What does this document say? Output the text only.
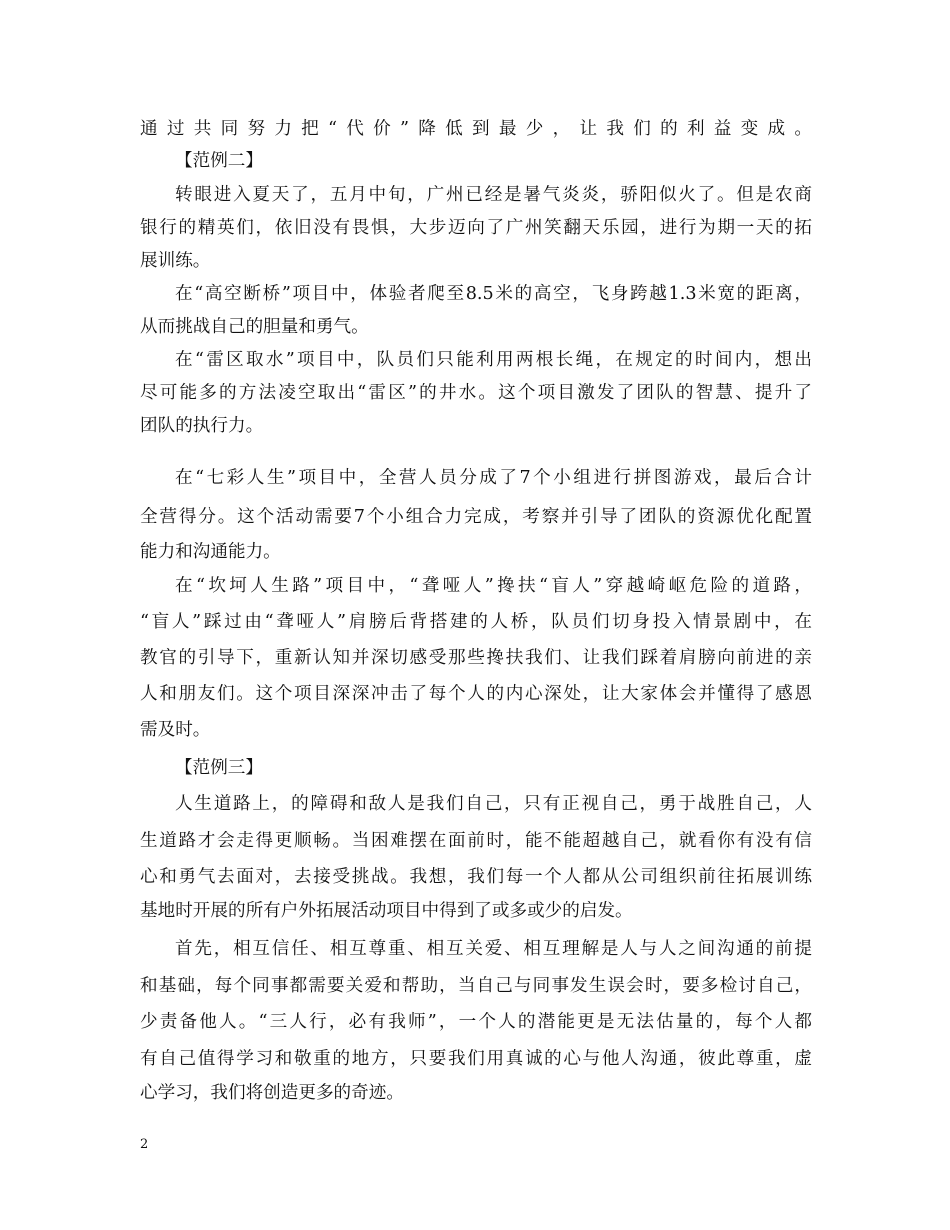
通过共同努力把“代价”降低到最少，让我们的利益变成。
【范例二】
转眼进入夏天了，五月中旬，广州已经是暑气炎炎，骄阳似火了。但是农商
银行的精英们，依旧没有畏惧，大步迈向了广州笑翻天乐园，进行为期一天的拓
展训练。
在“高空断桥”项目中，体验者爬至8.5米的高空，飞身跨越1.3米宽的距离，
从而挑战自己的胆量和勇气。
在“雷区取水”项目中，队员们只能利用两根长绳，在规定的时间内，想出
尽可能多的方法凌空取出“雷区”的井水。这个项目激发了团队的智慧、提升了
团队的执行力。
在“七彩人生”项目中，全营人员分成了7个小组进行拼图游戏，最后合计
全营得分。这个活动需要7个小组合力完成，考察并引导了团队的资源优化配置
能力和沟通能力。
在“坎坷人生路”项目中，“聋哑人”搀扶“盲人”穿越崎岖危险的道路，
“盲人”踩过由“聋哑人”肩膀后背搭建的人桥，队员们切身投入情景剧中，在
教官的引导下，重新认知并深切感受那些搀扶我们、让我们踩着肩膀向前进的亲
人和朋友们。这个项目深深冲击了每个人的内心深处，让大家体会并懂得了感恩
需及时。
【范例三】
人生道路上，的障碍和敌人是我们自己，只有正视自己，勇于战胜自己，人
生道路才会走得更顺畅。当困难摆在面前时，能不能超越自己，就看你有没有信
心和勇气去面对，去接受挑战。我想，我们每一个人都从公司组织前往拓展训练
基地时开展的所有户外拓展活动项目中得到了或多或少的启发。
首先，相互信任、相互尊重、相互关爱、相互理解是人与人之间沟通的前提
和基础，每个同事都需要关爱和帮助，当自己与同事发生误会时，要多检讨自己，
少责备他人。“三人行，必有我师”，一个人的潜能更是无法估量的，每个人都
有自己值得学习和敬重的地方，只要我们用真诚的心与他人沟通，彼此尊重，虚
心学习，我们将创造更多的奇迹。
2
